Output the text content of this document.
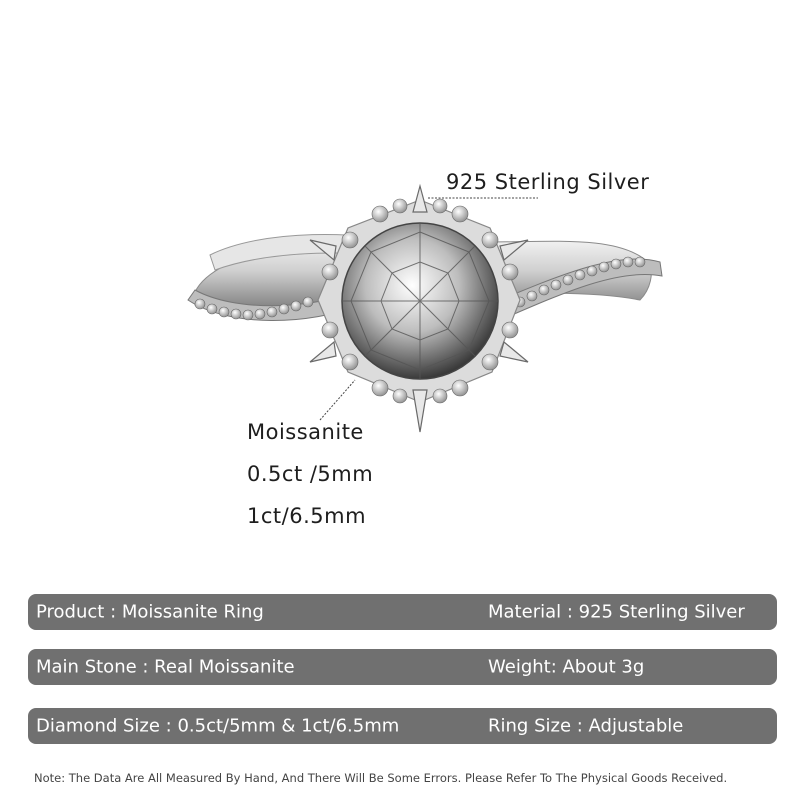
925 Sterling Silver
Moissanite
0.5ct /5mm
1ct/6.5mm
Product : Moissanite Ring	Material : 925 Sterling Silver
Main Stone : Real Moissanite	Weight: About 3g
Diamond Size : 0.5ct/5mm & 1ct/6.5mm	Ring Size : Adjustable
Note: The Data Are All Measured By Hand, And There Will Be Some Errors. Please Refer To The Physical Goods Received.
